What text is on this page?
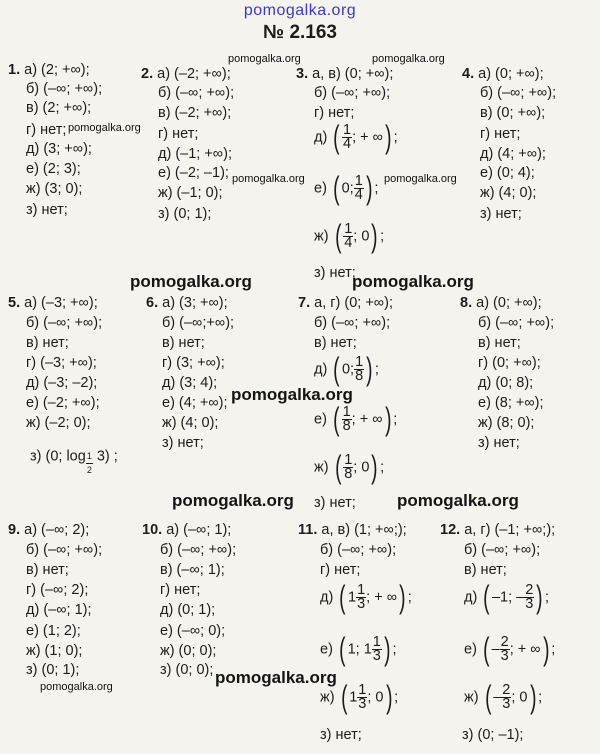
pomogalka.org
№ 2.163
pomogalka.org	pomogalka.org
pomogalka.org
pomogalka.org	pomogalka.org
pomogalka.org
pomogalka.org	pomogalka.org
pomogalka.org
pomogalka.org	pomogalka.org
pomogalka.org
1. а) (2; +∞);
б) (–∞; +∞);
в) (2; +∞);
г) нет;
д) (3; +∞);
е) (2; 3);
ж) (3; 0);
з) нет;
2. а) (–2; +∞);
б) (–∞; +∞);
в) (–2; +∞);
г) нет;
д) (–1; +∞);
е) (–2; –1);
ж) (–1; 0);
з) (0; 1);
3. а, в) (0; +∞);
б) (–∞; +∞);
г) нет;
д) ( $\frac{1}{4}$ ; + ∞) ;
е) ( 0; $\frac{1}{4}$ ) ;
ж) ( $\frac{1}{4}$ ; 0) ;
з) нет;
4. а) (0; +∞);
б) (–∞; +∞);
в) (0; +∞);
г) нет;
д) (4; +∞);
е) (0; 4);
ж) (4; 0);
з) нет;
5. а) (–3; +∞);
б) (–∞; +∞);
в) нет;
г) (–3; +∞);
д) (–3; –2);
е) (–2; +∞);
ж) (–2; 0);
з) (0; $\log \frac{1}{2} 3$) ;
6. а) (3; +∞);
б) (–∞;+∞);
в) нет;
г) (3; +∞);
д) (3; 4);
е) (4; +∞);
ж) (4; 0);
з) нет;
7. а, г) (0; +∞);
б) (–∞; +∞);
в) нет;
д) ( 0; $\frac{1}{8}$ ) ;
е) ( $\frac{1}{8}$ ; + ∞) ;
ж) ( $\frac{1}{8}$ ; 0) ;
з) нет;
8. а) (0; +∞);
б) (–∞; +∞);
в) нет;
г) (0; +∞);
д) (0; 8);
е) (8; +∞);
ж) (8; 0);
з) нет;
9. а) (–∞; 2);
б) (–∞; +∞);
в) нет;
г) (–∞; 2);
д) (–∞; 1);
е) (1; 2);
ж) (1; 0);
з) (0; 1);
10. а) (–∞; 1);
б) (–∞; +∞);
в) (–∞; 1);
г) нет;
д) (0; 1);
е) (–∞; 0);
ж) (0; 0);
з) (0; 0);
11. а, в) (1; +∞;);
б) (–∞; +∞);
г) нет;
д) ( $1 \frac{1}{3}$ ; + ∞) ;
е) ( 1; $1 \frac{1}{3}$ ) ;
ж) ( $1 \frac{1}{3}$ ; 0) ;
з) нет;
12. а, г) (–1; +∞;);
б) (–∞; +∞);
в) нет;
д) ( –1; – $\frac{2}{3}$ ) ;
е) ( – $\frac{2}{3}$ ; + ∞) ;
ж) ( – $\frac{2}{3}$ ; 0) ;
з) (0; –1);
